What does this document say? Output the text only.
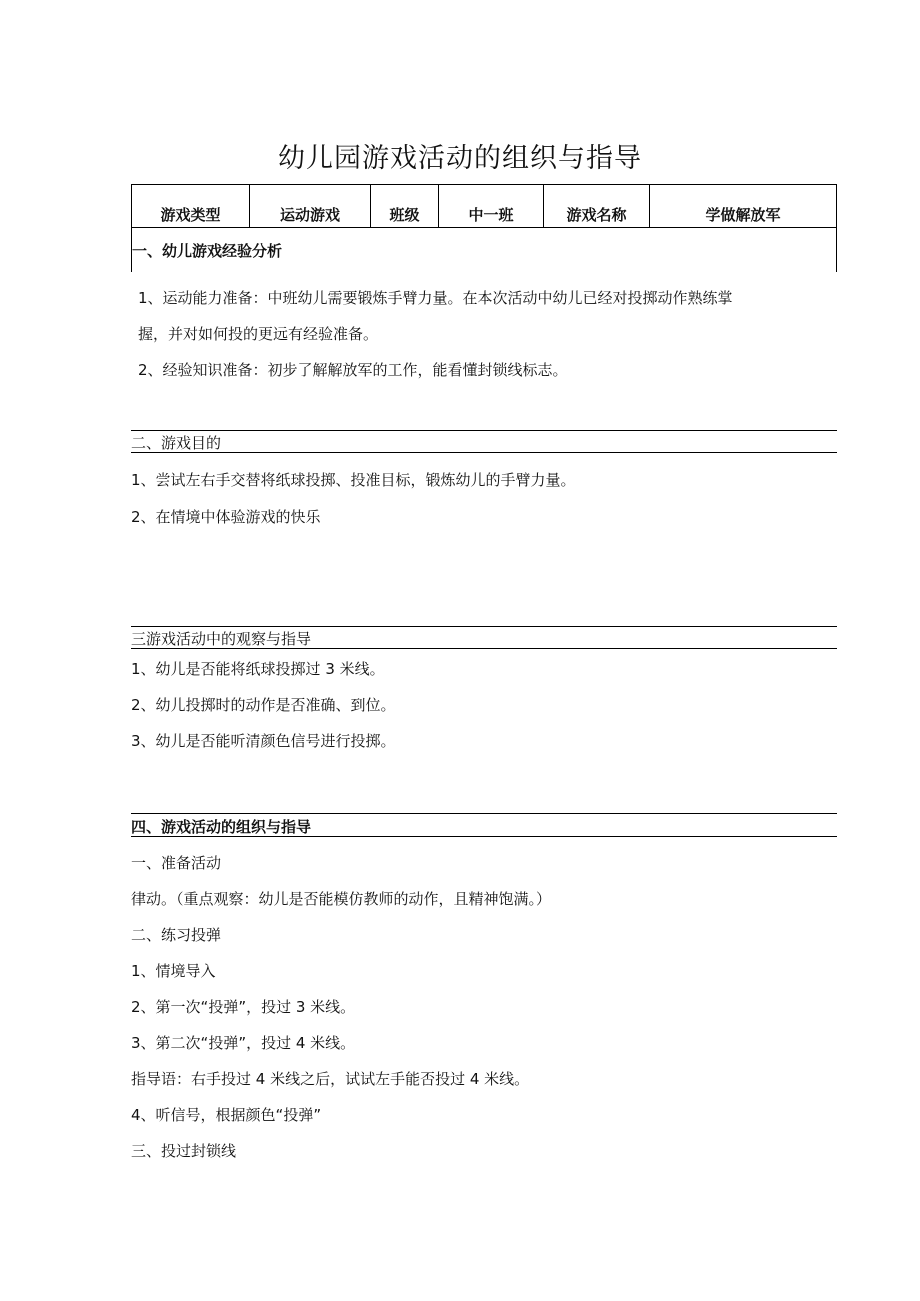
幼儿园游戏活动的组织与指导
游戏类型	运动游戏	班级	中一班	游戏名称	学做解放军
一、幼儿游戏经验分析
1、运动能力准备：中班幼儿需要锻炼手臂力量。在本次活动中幼儿已经对投掷动作熟练掌
握，并对如何投的更远有经验准备。
2、经验知识准备：初步了解解放军的工作，能看懂封锁线标志。
二、游戏目的
1、尝试左右手交替将纸球投掷、投准目标，锻炼幼儿的手臂力量。
2、在情境中体验游戏的快乐
三游戏活动中的观察与指导
1、幼儿是否能将纸球投掷过 3 米线。
2、幼儿投掷时的动作是否准确、到位。
3、幼儿是否能听清颜色信号进行投掷。
四、游戏活动的组织与指导
一、准备活动
律动。（重点观察：幼儿是否能模仿教师的动作，且精神饱满。）
二、练习投弹
1、情境导入
2、第一次“投弹”，投过 3 米线。
3、第二次“投弹”，投过 4 米线。
指导语：右手投过 4 米线之后，试试左手能否投过 4 米线。
4、听信号，根据颜色“投弹”
三、投过封锁线
